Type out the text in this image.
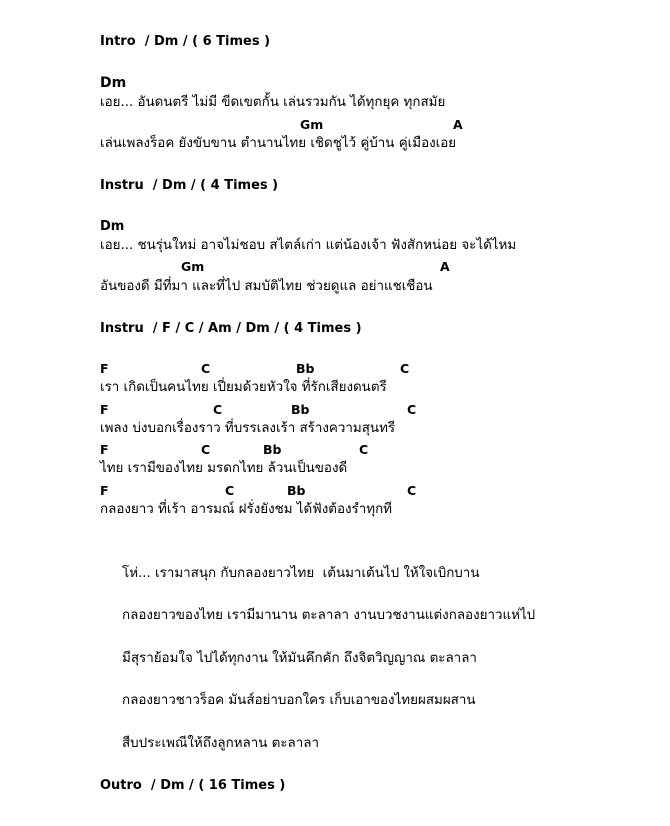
Intro  / Dm / ( 6 Times )
Dm
เอย... อันดนตรี ไม่มี ขีดเขตกั้น เล่นรวมกัน ได้ทุกยุค ทุกสมัย
Gm	A
เล่นเพลงร็อค ยังขับขาน ตำนานไทย เชิดชูไว้ คู่บ้าน คู่เมืองเอย
Instru  / Dm / ( 4 Times )
Dm
เอย... ชนรุ่นใหม่ อาจไม่ชอบ สไตล์เก่า แต่น้องเจ้า ฟังสักหน่อย จะได้ไหม
Gm	A
อันของดี มีที่มา และที่ไป สมบัติไทย ช่วยดูแล อย่าแชเชือน
Instru  / F / C / Am / Dm / ( 4 Times )
F	C	Bb	C
เรา เกิดเป็นคนไทย เปี่ยมด้วยหัวใจ ที่รักเสียงดนตรี
F	C	Bb	C
เพลง บ่งบอกเรื่องราว ที่บรรเลงเร้า สร้างความสุนทรี
F	C	Bb	C
ไทย เรามีของไทย มรดกไทย ล้วนเป็นของดี
F	C	Bb	C
กลองยาว ที่เร้า อารมณ์ ฝรั่งยังชม ได้ฟังต้องรำทุกที
โห่... เรามาสนุก กับกลองยาวไทย  เต้นมาเต้นไป ให้ใจเบิกบาน
กลองยาวของไทย เรามีมานาน ตะลาลา งานบวชงานแต่งกลองยาวแห่ไป
มีสุราย้อมใจ ไปได้ทุกงาน ให้มันคึกคัก ถึงจิตวิญญาณ ตะลาลา
กลองยาวชาวร็อค มันส์อย่าบอกใคร เก็บเอาของไทยผสมผสาน
สืบประเพณีให้ถึงลูกหลาน ตะลาลา
Outro  / Dm / ( 16 Times )
